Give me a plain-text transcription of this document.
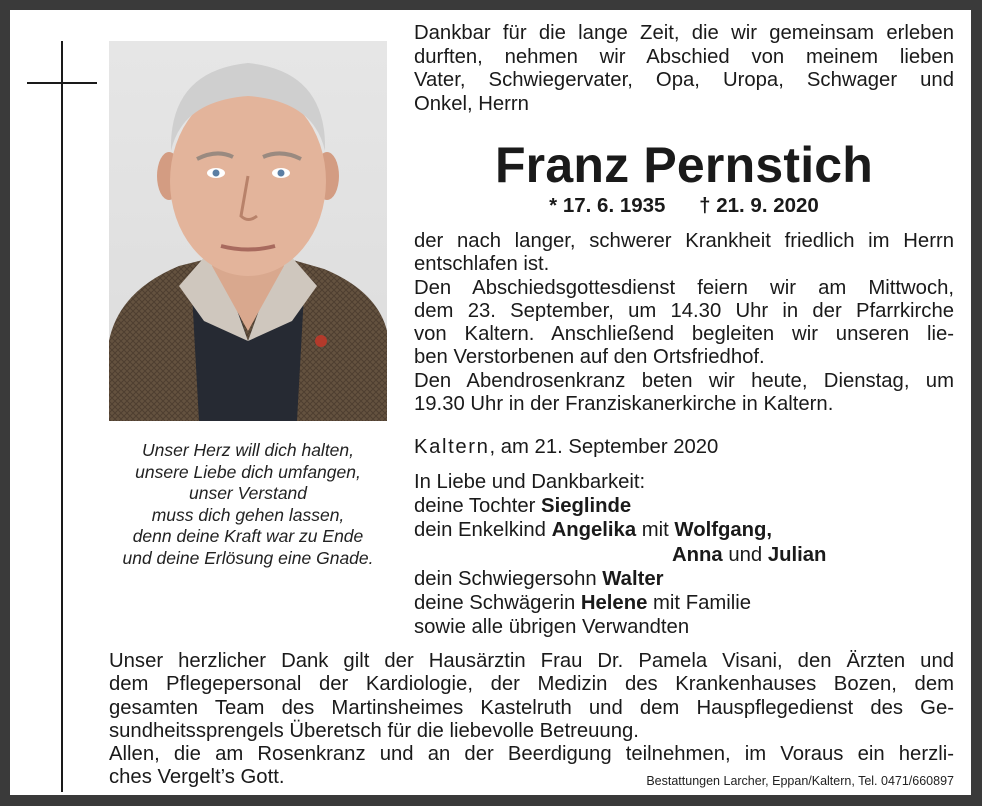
Unser Herz will dich halten,
unsere Liebe dich umfangen,
unser Verstand
muss dich gehen lassen,
denn deine Kraft war zu Ende
und deine Erlösung eine Gnade.
Dankbar für die lange Zeit, die wir gemeinsam erleben
durften, nehmen wir Abschied von meinem lieben
Vater, Schwiegervater, Opa, Uropa, Schwager und
Onkel, Herrn
Franz Pernstich
* 17. 6. 1935 † 21. 9. 2020
der nach langer, schwerer Krankheit friedlich im Herrn
entschlafen ist.
Den Abschiedsgottesdienst feiern wir am Mittwoch,
dem 23. September, um 14.30 Uhr in der Pfarrkirche
von Kaltern. Anschließend begleiten wir unseren lie-
ben Verstorbenen auf den Ortsfriedhof.
Den Abendrosenkranz beten wir heute, Dienstag, um
19.30 Uhr in der Franziskanerkirche in Kaltern.
Kaltern, am 21. September 2020
In Liebe und Dankbarkeit:
deine Tochter Sieglinde
dein Enkelkind Angelika mit Wolfgang,
Anna und Julian
dein Schwiegersohn Walter
deine Schwägerin Helene mit Familie
sowie alle übrigen Verwandten
Unser herzlicher Dank gilt der Hausärztin Frau Dr. Pamela Visani, den Ärzten und
dem Pflegepersonal der Kardiologie, der Medizin des Krankenhauses Bozen, dem
gesamten Team des Martinsheimes Kastelruth und dem Hauspflegedienst des Ge-
sundheitssprengels Überetsch für die liebevolle Betreuung.
Allen, die am Rosenkranz und an der Beerdigung teilnehmen, im Voraus ein herzli-
ches Vergelt’s Gott.	Bestattungen Larcher, Eppan/Kaltern, Tel. 0471/660897
